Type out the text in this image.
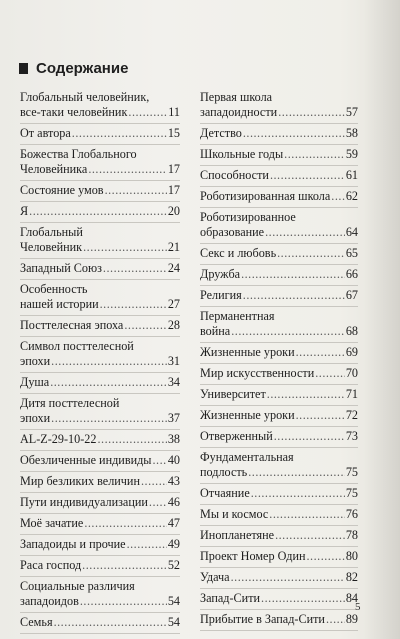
Содержание
Глобальный человейник,
все-таки человейник .....	11
От автора .....	15
Божества Глобального
Человейника .....	17
Состояние умов .....	17
Я .....	20
Глобальный
Человейник .....	21
Западный Союз .....	24
Особенность
нашей истории .....	27
Посттелесная эпоха .....	28
Символ посттелесной
эпохи .....	31
Душа .....	34
Дитя посттелесной
эпохи .....	37
AL-Z-29-10-22 .....	38
Обезличенные индивиды ..... 40
Мир безликих величин ..... 43
Пути индивидуализации ..... 46
Моё зачатие .....	47
Западоиды и прочие .....	49
Раса господ .....	52
Социальные различия
западоидов .....	54
Семья .....	54
Первая школа
западоидности .....	57
Детство .....	58
Школьные годы .....	59
Способности .....	61
Роботизированная школа ..... 62
Роботизированное
образование .....	64
Секс и любовь .....	65
Дружба .....	66
Религия .....	67
Перманентная
война .....	68
Жизненные уроки .....	69
Мир искусственности .....	70
Университет .....	71
Жизненные уроки .....	72
Отверженный .....	73
Фундаментальная
подлость .....	75
Отчаяние .....	75
Мы и космос .....	76
Инопланетяне .....	78
Проект Номер Один .....	80
Удача .....	82
Запад-Сити .....	84
Прибытие в Запад-Сити ..... 89
5
